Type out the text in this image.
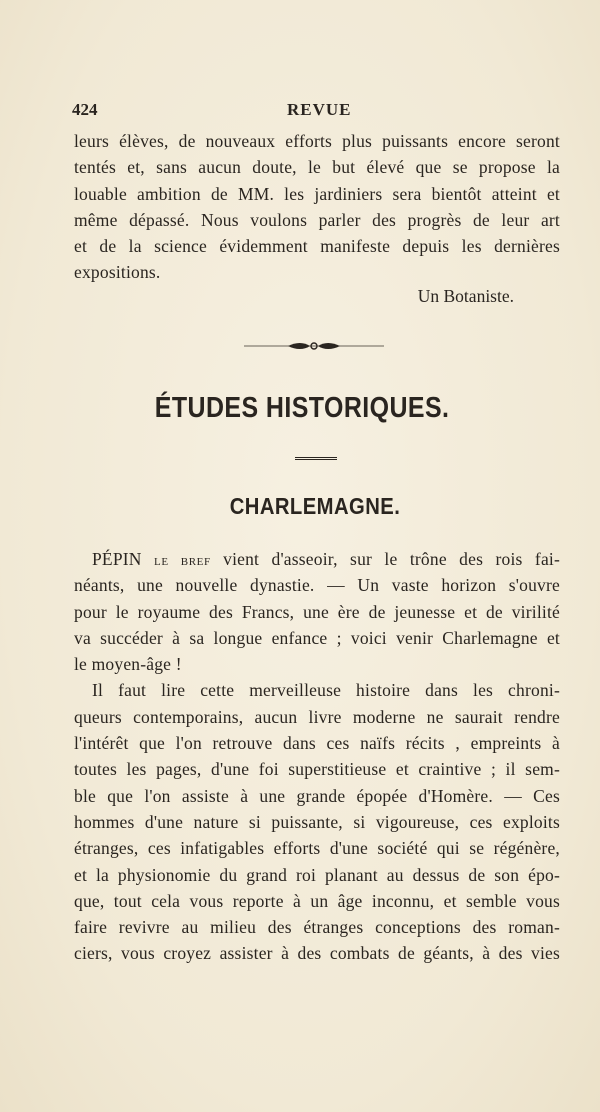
424	REVUE
leurs élèves, de nouveaux efforts plus puissants encore seront
tentés et, sans aucun doute, le but élevé que se propose la
louable ambition de MM. les jardiniers sera bientôt atteint et
même dépassé. Nous voulons parler des progrès de leur art
et de la science évidemment manifeste depuis les dernières
expositions.
Un Botaniste.
ÉTUDES HISTORIQUES.
CHARLEMAGNE.
PÉPIN le bref vient d'asseoir, sur le trône des rois fai-
néants, une nouvelle dynastie. — Un vaste horizon s'ouvre
pour le royaume des Francs, une ère de jeunesse et de virilité
va succéder à sa longue enfance ; voici venir Charlemagne et
le moyen-âge !
Il faut lire cette merveilleuse histoire dans les chroni-
queurs contemporains, aucun livre moderne ne saurait rendre
l'intérêt que l'on retrouve dans ces naïfs récits , empreints à
toutes les pages, d'une foi superstitieuse et craintive ; il sem-
ble que l'on assiste à une grande épopée d'Homère. — Ces
hommes d'une nature si puissante, si vigoureuse, ces exploits
étranges, ces infatigables efforts d'une société qui se régénère,
et la physionomie du grand roi planant au dessus de son épo-
que, tout cela vous reporte à un âge inconnu, et semble vous
faire revivre au milieu des étranges conceptions des roman-
ciers, vous croyez assister à des combats de géants, à des vies
